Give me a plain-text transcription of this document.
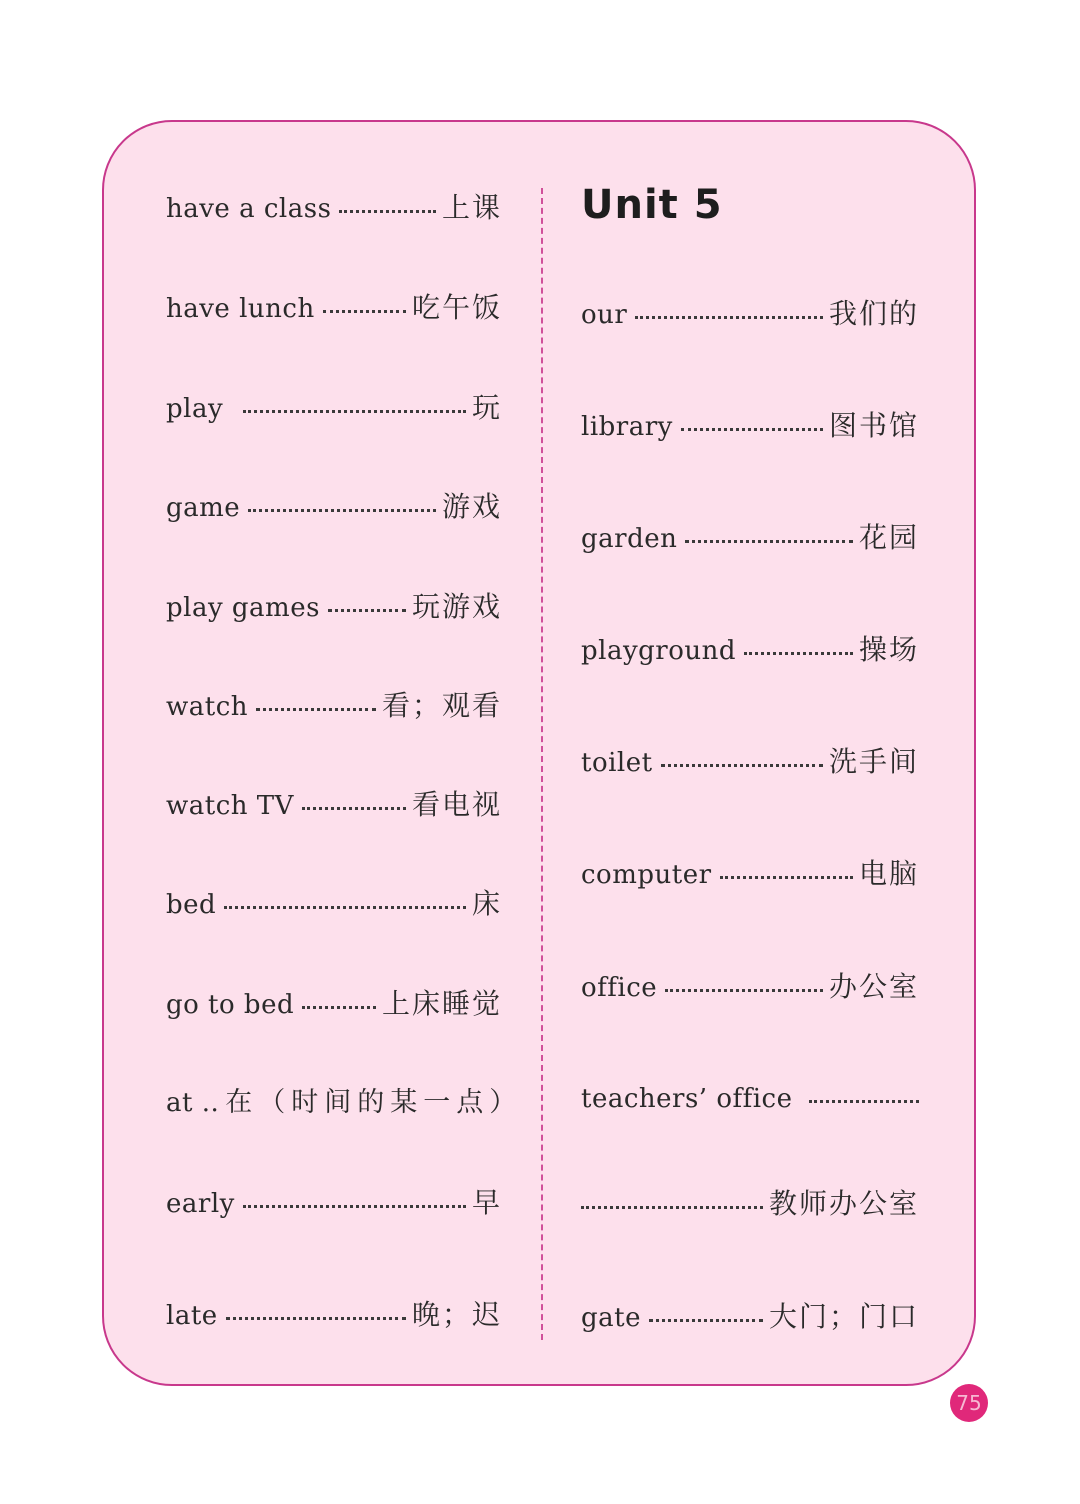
have a class	上课
have lunch	吃午饭
play	玩
game	游戏
play games	玩游戏
watch	看；观看
watch TV	看电视
bed	床
go to bed	上床睡觉
at .. 在（时间的某一点）
early	早
late	晚；迟
Unit 5
our	我们的
library	图书馆
garden	花园
playground	操场
toilet	洗手间
computer	电脑
office	办公室
teachers’ office
教师办公室
gate	大门；门口
75
